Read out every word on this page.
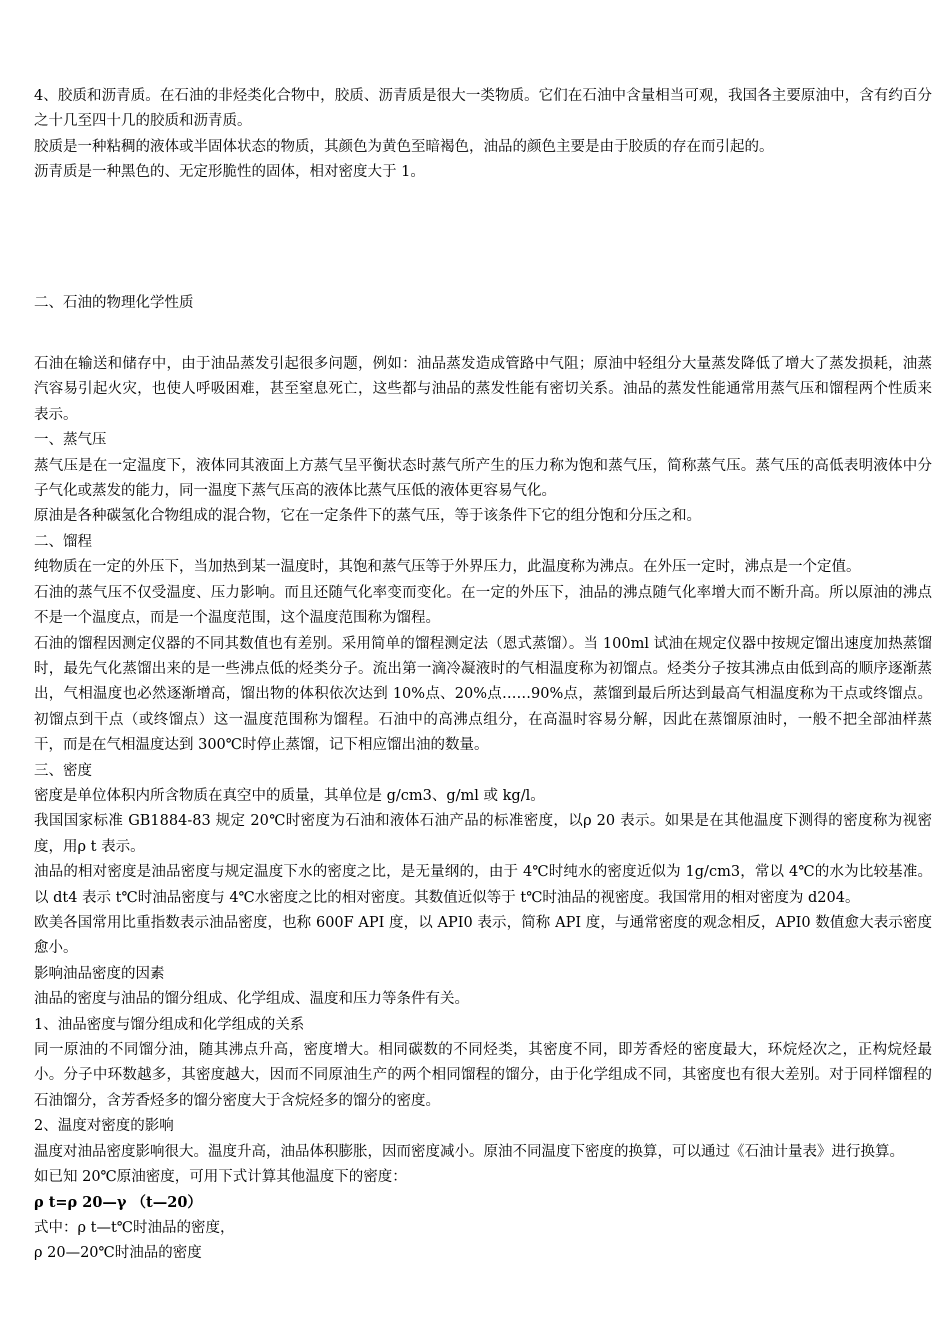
4、胶质和沥青质。在石油的非烃类化合物中，胶质、沥青质是很大一类物质。它们在石油中含量相当可观，我国各主要原油中，含有约百分之十几至四十几的胶质和沥青质。

胶质是一种粘稠的液体或半固体状态的物质，其颜色为黄色至暗褐色，油品的颜色主要是由于胶质的存在而引起的。

沥青质是一种黑色的、无定形脆性的固体，相对密度大于 1。

二、石油的物理化学性质

石油在输送和储存中，由于油品蒸发引起很多问题，例如：油品蒸发造成管路中气阻；原油中轻组分大量蒸发降低了增大了蒸发损耗，油蒸汽容易引起火灾，也使人呼吸困难，甚至窒息死亡，这些都与油品的蒸发性能有密切关系。油品的蒸发性能通常用蒸气压和馏程两个性质来表示。

一、蒸气压

蒸气压是在一定温度下，液体同其液面上方蒸气呈平衡状态时蒸气所产生的压力称为饱和蒸气压，简称蒸气压。蒸气压的高低表明液体中分子气化或蒸发的能力，同一温度下蒸气压高的液体比蒸气压低的液体更容易气化。

原油是各种碳氢化合物组成的混合物，它在一定条件下的蒸气压，等于该条件下它的组分饱和分压之和。

二、馏程

纯物质在一定的外压下，当加热到某一温度时，其饱和蒸气压等于外界压力，此温度称为沸点。在外压一定时，沸点是一个定值。

石油的蒸气压不仅受温度、压力影响。而且还随气化率变而变化。在一定的外压下，油品的沸点随气化率增大而不断升高。所以原油的沸点不是一个温度点，而是一个温度范围，这个温度范围称为馏程。

石油的馏程因测定仪器的不同其数值也有差别。采用简单的馏程测定法（恩式蒸馏）。当 100ml 试油在规定仪器中按规定馏出速度加热蒸馏时，最先气化蒸馏出来的是一些沸点低的烃类分子。流出第一滴冷凝液时的气相温度称为初馏点。烃类分子按其沸点由低到高的顺序逐渐蒸出，气相温度也必然逐渐增高，馏出物的体积依次达到 10%点、20%点……90%点，蒸馏到最后所达到最高气相温度称为干点或终馏点。初馏点到干点（或终馏点）这一温度范围称为馏程。石油中的高沸点组分，在高温时容易分解，因此在蒸馏原油时，一般不把全部油样蒸干，而是在气相温度达到 300℃时停止蒸馏，记下相应馏出油的数量。

三、密度

密度是单位体积内所含物质在真空中的质量，其单位是 g/cm3、g/ml 或 kg/l。

我国国家标准 GB1884-83 规定 20℃时密度为石油和液体石油产品的标准密度，以ρ 20 表示。如果是在其他温度下测得的密度称为视密度，用ρ t 表示。

油品的相对密度是油品密度与规定温度下水的密度之比，是无量纲的，由于 4℃时纯水的密度近似为 1g/cm3，常以 4℃的水为比较基准。以 dt4 表示 t℃时油品密度与 4℃水密度之比的相对密度。其数值近似等于 t℃时油品的视密度。我国常用的相对密度为 d204。

欧美各国常用比重指数表示油品密度，也称 600F API 度，以 API0 表示，简称 API 度，与通常密度的观念相反，API0 数值愈大表示密度愈小。

影响油品密度的因素

油品的密度与油品的馏分组成、化学组成、温度和压力等条件有关。

1、油品密度与馏分组成和化学组成的关系

同一原油的不同馏分油，随其沸点升高，密度增大。相同碳数的不同烃类，其密度不同，即芳香烃的密度最大，环烷烃次之，正构烷烃最小。分子中环数越多，其密度越大，因而不同原油生产的两个相同馏程的馏分，由于化学组成不同，其密度也有很大差别。对于同样馏程的石油馏分，含芳香烃多的馏分密度大于含烷烃多的馏分的密度。

2、温度对密度的影响

温度对油品密度影响很大。温度升高，油品体积膨胀，因而密度减小。原油不同温度下密度的换算，可以通过《石油计量表》进行换算。

如已知 20℃原油密度，可用下式计算其他温度下的密度：

ρ t=ρ 20—γ （t—20）

式中：ρ t—t℃时油品的密度，

ρ 20—20℃时油品的密度
